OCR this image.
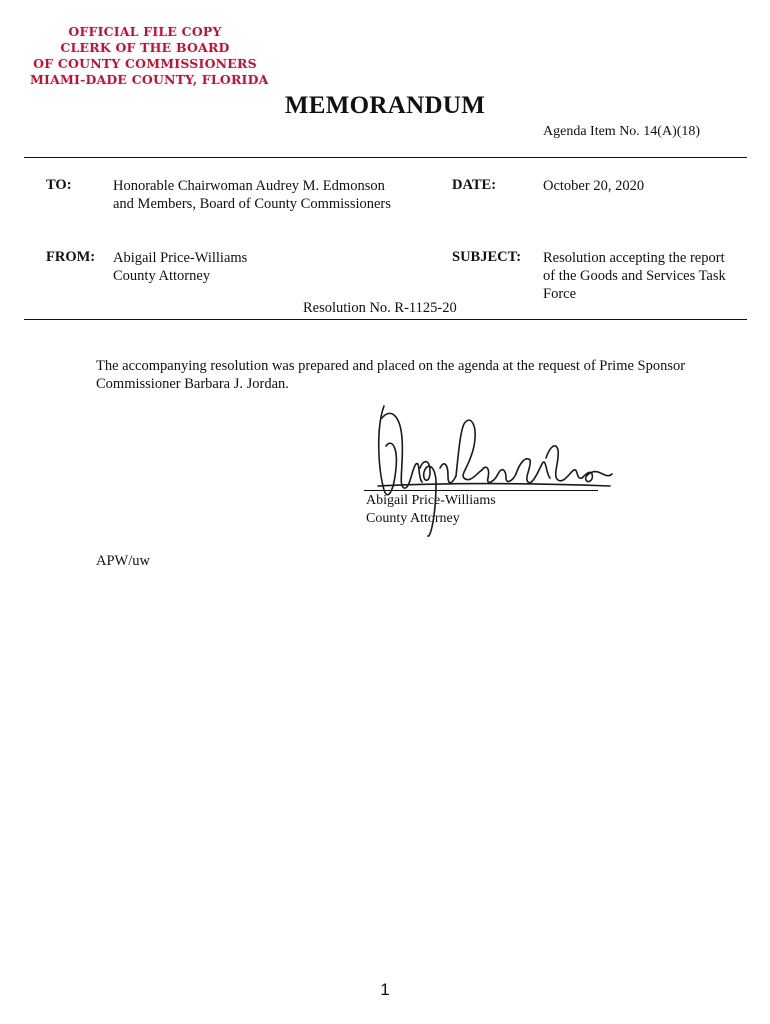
OFFICIAL FILE COPY
CLERK OF THE BOARD
OF COUNTY COMMISSIONERS
MIAMI-DADE COUNTY, FLORIDA
MEMORANDUM
Agenda Item No. 14(A)(18)
TO:	Honorable Chairwoman Audrey M. Edmonson
and Members, Board of County Commissioners
DATE:	October 20, 2020
FROM: Abigail Price-Williams
County Attorney
SUBJECT: Resolution accepting the report
of the Goods and Services Task
Force
Resolution No. R-1125-20
The accompanying resolution was prepared and placed on the agenda at the request of Prime Sponsor
Commissioner Barbara J. Jordan.
Abigail Price-Williams
County Attorney
APW/uw
1
